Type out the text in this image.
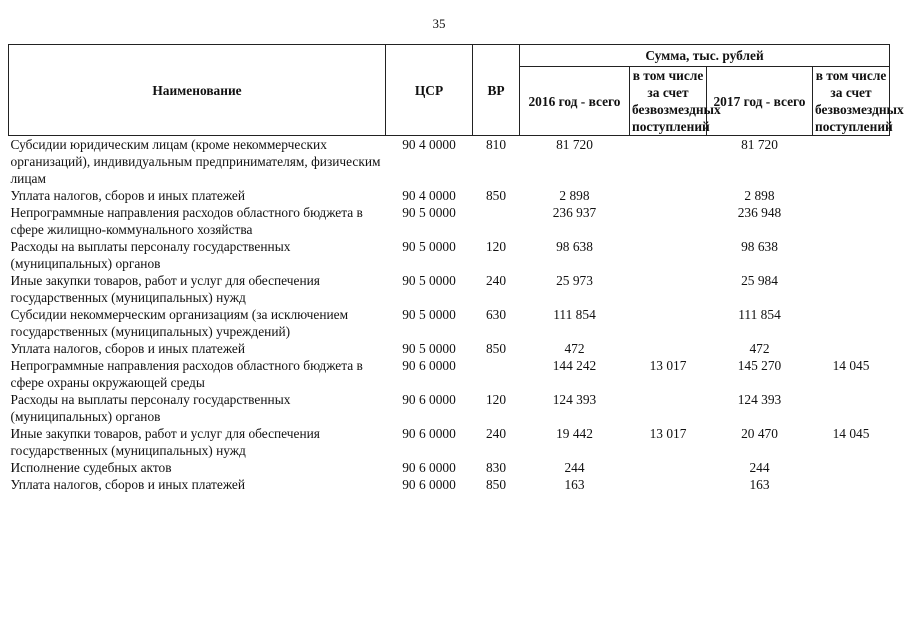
35
Наименование	ЦСР	ВР	Сумма, тыс. рублей			
			2016 год - всего	в том числе за счет безвозмездных поступлений	2017 год - всего	в том числе за счет безвозмездных поступлений
Субсидии юридическим лицам (кроме некоммерческих организаций), индивидуальным предпринимателям, физическим лицам	90 4 0000	810	81 720		81 720	
Уплата налогов, сборов и иных платежей	90 4 0000	850	2 898		2 898	
Непрограммные направления расходов областного бюджета в сфере жилищно-коммунального хозяйства	90 5 0000		236 937		236 948	
Расходы на выплаты персоналу государственных (муниципальных) органов	90 5 0000	120	98 638		98 638	
Иные закупки товаров, работ и услуг для обеспечения государственных (муниципальных) нужд	90 5 0000	240	25 973		25 984	
Субсидии некоммерческим организациям (за исключением государственных (муниципальных) учреждений)	90 5 0000	630	111 854		111 854	
Уплата налогов, сборов и иных платежей	90 5 0000	850	472		472	
Непрограммные направления расходов областного бюджета в сфере охраны окружающей среды	90 6 0000		144 242	13 017	145 270	14 045
Расходы на выплаты персоналу государственных (муниципальных) органов	90 6 0000	120	124 393		124 393	
Иные закупки товаров, работ и услуг для обеспечения государственных (муниципальных) нужд	90 6 0000	240	19 442	13 017	20 470	14 045
Исполнение судебных актов	90 6 0000	830	244		244	
Уплата налогов, сборов и иных платежей	90 6 0000	850	163		163	
